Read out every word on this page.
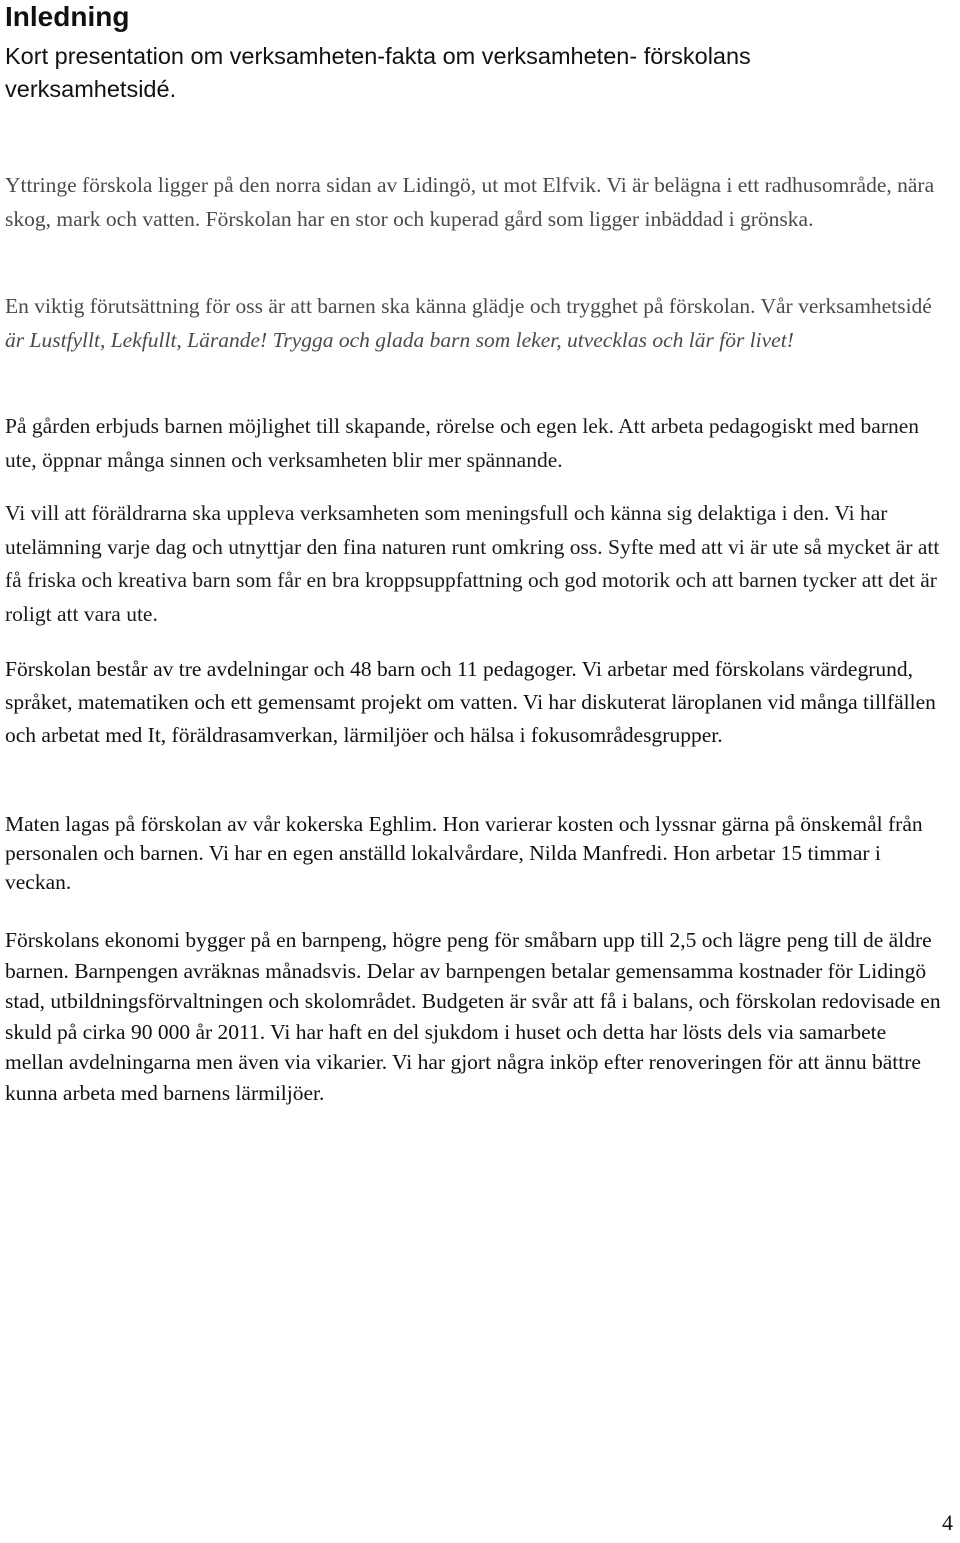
Inledning

Kort presentation om verksamheten-fakta om verksamheten- förskolans verksamhetsidé.

Yttringe förskola ligger på den norra sidan av Lidingö, ut mot Elfvik. Vi är belägna i ett radhusområde, nära skog, mark och vatten. Förskolan har en stor och kuperad gård som ligger inbäddad i grönska.

En viktig förutsättning för oss är att barnen ska känna glädje och trygghet på förskolan. Vår verksamhetsidé är Lustfyllt, Lekfullt, Lärande! Trygga och glada barn som leker, utvecklas och lär för livet!

På gården erbjuds barnen möjlighet till skapande, rörelse och egen lek. Att arbeta pedagogiskt med barnen ute, öppnar många sinnen och verksamheten blir mer spännande.

Vi vill att föräldrarna ska uppleva verksamheten som meningsfull och känna sig delaktiga i den. Vi har utelämning varje dag och utnyttjar den fina naturen runt omkring oss. Syfte med att vi är ute så mycket är att få friska och kreativa barn som får en bra kroppsuppfattning och god motorik och att barnen tycker att det är roligt att vara ute.

Förskolan består av tre avdelningar och 48 barn och 11 pedagoger. Vi arbetar med förskolans värdegrund, språket, matematiken och ett gemensamt projekt om vatten. Vi har diskuterat läroplanen vid många tillfällen och arbetat med It, föräldrasamverkan, lärmiljöer och hälsa i fokusområdesgrupper.

Maten lagas på förskolan av vår kokerska Eghlim. Hon varierar kosten och lyssnar gärna på önskemål från personalen och barnen. Vi har en egen anställd lokalvårdare, Nilda Manfredi. Hon arbetar 15 timmar i veckan.

Förskolans ekonomi bygger på en barnpeng, högre peng för småbarn upp till 2,5 och lägre peng till de äldre barnen. Barnpengen avräknas månadsvis. Delar av barnpengen betalar gemensamma kostnader för Lidingö stad, utbildningsförvaltningen och skolområdet. Budgeten är svår att få i balans, och förskolan redovisade en skuld på cirka 90 000 år 2011. Vi har haft en del sjukdom i huset och detta har lösts dels via samarbete mellan avdelningarna men även via vikarier. Vi har gjort några inköp efter renoveringen för att ännu bättre kunna arbeta med barnens lärmiljöer.

4
